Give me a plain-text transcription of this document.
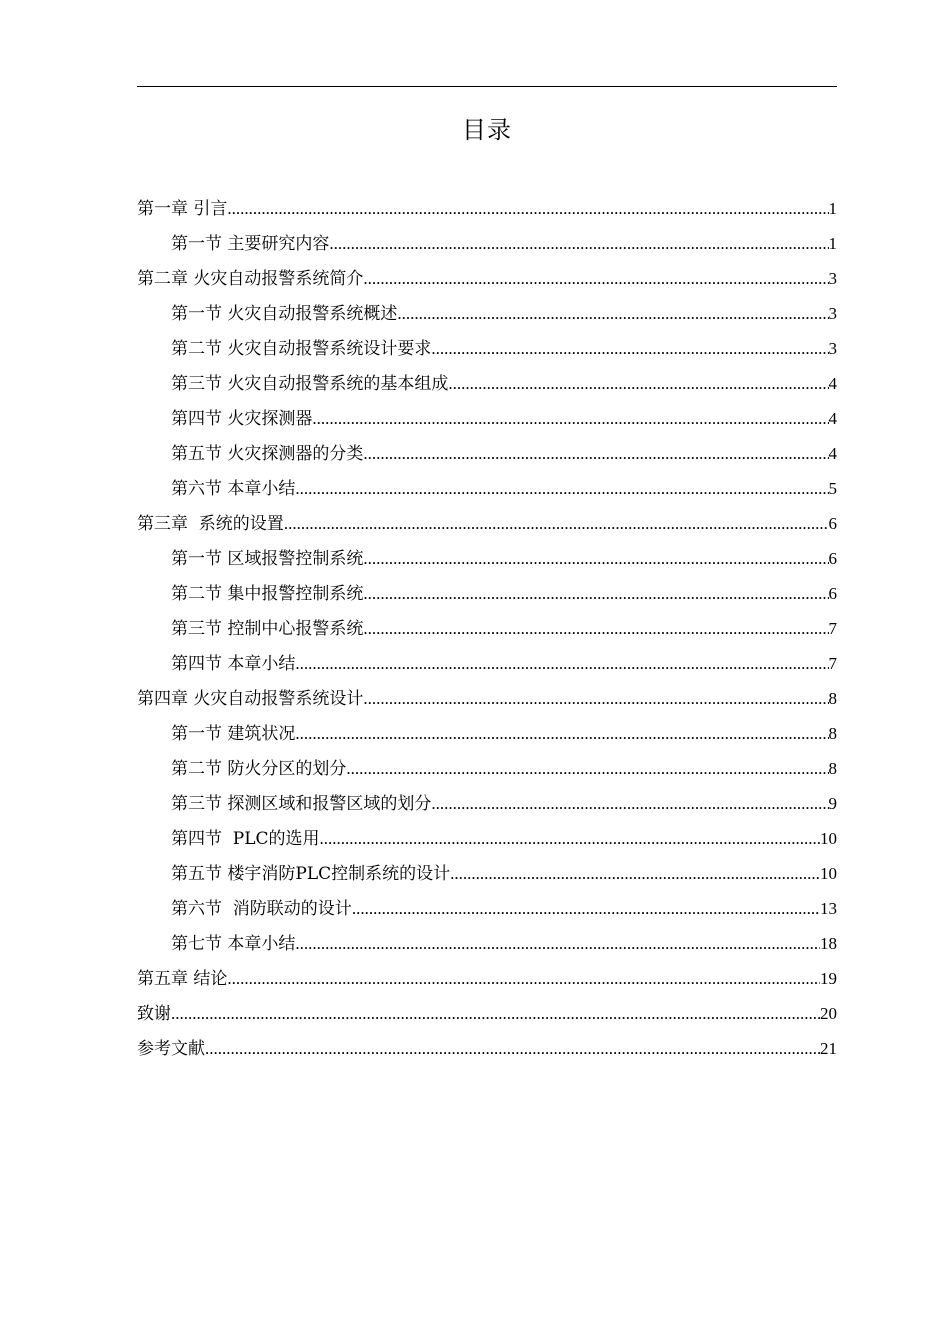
目录
第一章 引言 .....	1
第一节 主要研究内容 .....	1
第二章 火灾自动报警系统简介 .....	3
第一节 火灾自动报警系统概述 .....	3
第二节 火灾自动报警系统设计要求 .....	3
第三节 火灾自动报警系统的基本组成 .....	4
第四节 火灾探测器 .....	4
第五节 火灾探测器的分类 .....	4
第六节 本章小结 .....	5
第三章  系统的设置 .....	6
第一节 区域报警控制系统 .....	6
第二节 集中报警控制系统 .....	6
第三节 控制中心报警系统 .....	7
第四节 本章小结 .....	7
第四章 火灾自动报警系统设计 .....	8
第一节 建筑状况 .....	8
第二节 防火分区的划分 .....	8
第三节 探测区域和报警区域的划分 .....	9
第四节  PLC的选用 .....	10
第五节 楼宇消防PLC控制系统的设计 .....	10
第六节  消防联动的设计 .....	13
第七节 本章小结 .....	18
第五章 结论 .....	19
致谢 .....	20
参考文献 .....	21
